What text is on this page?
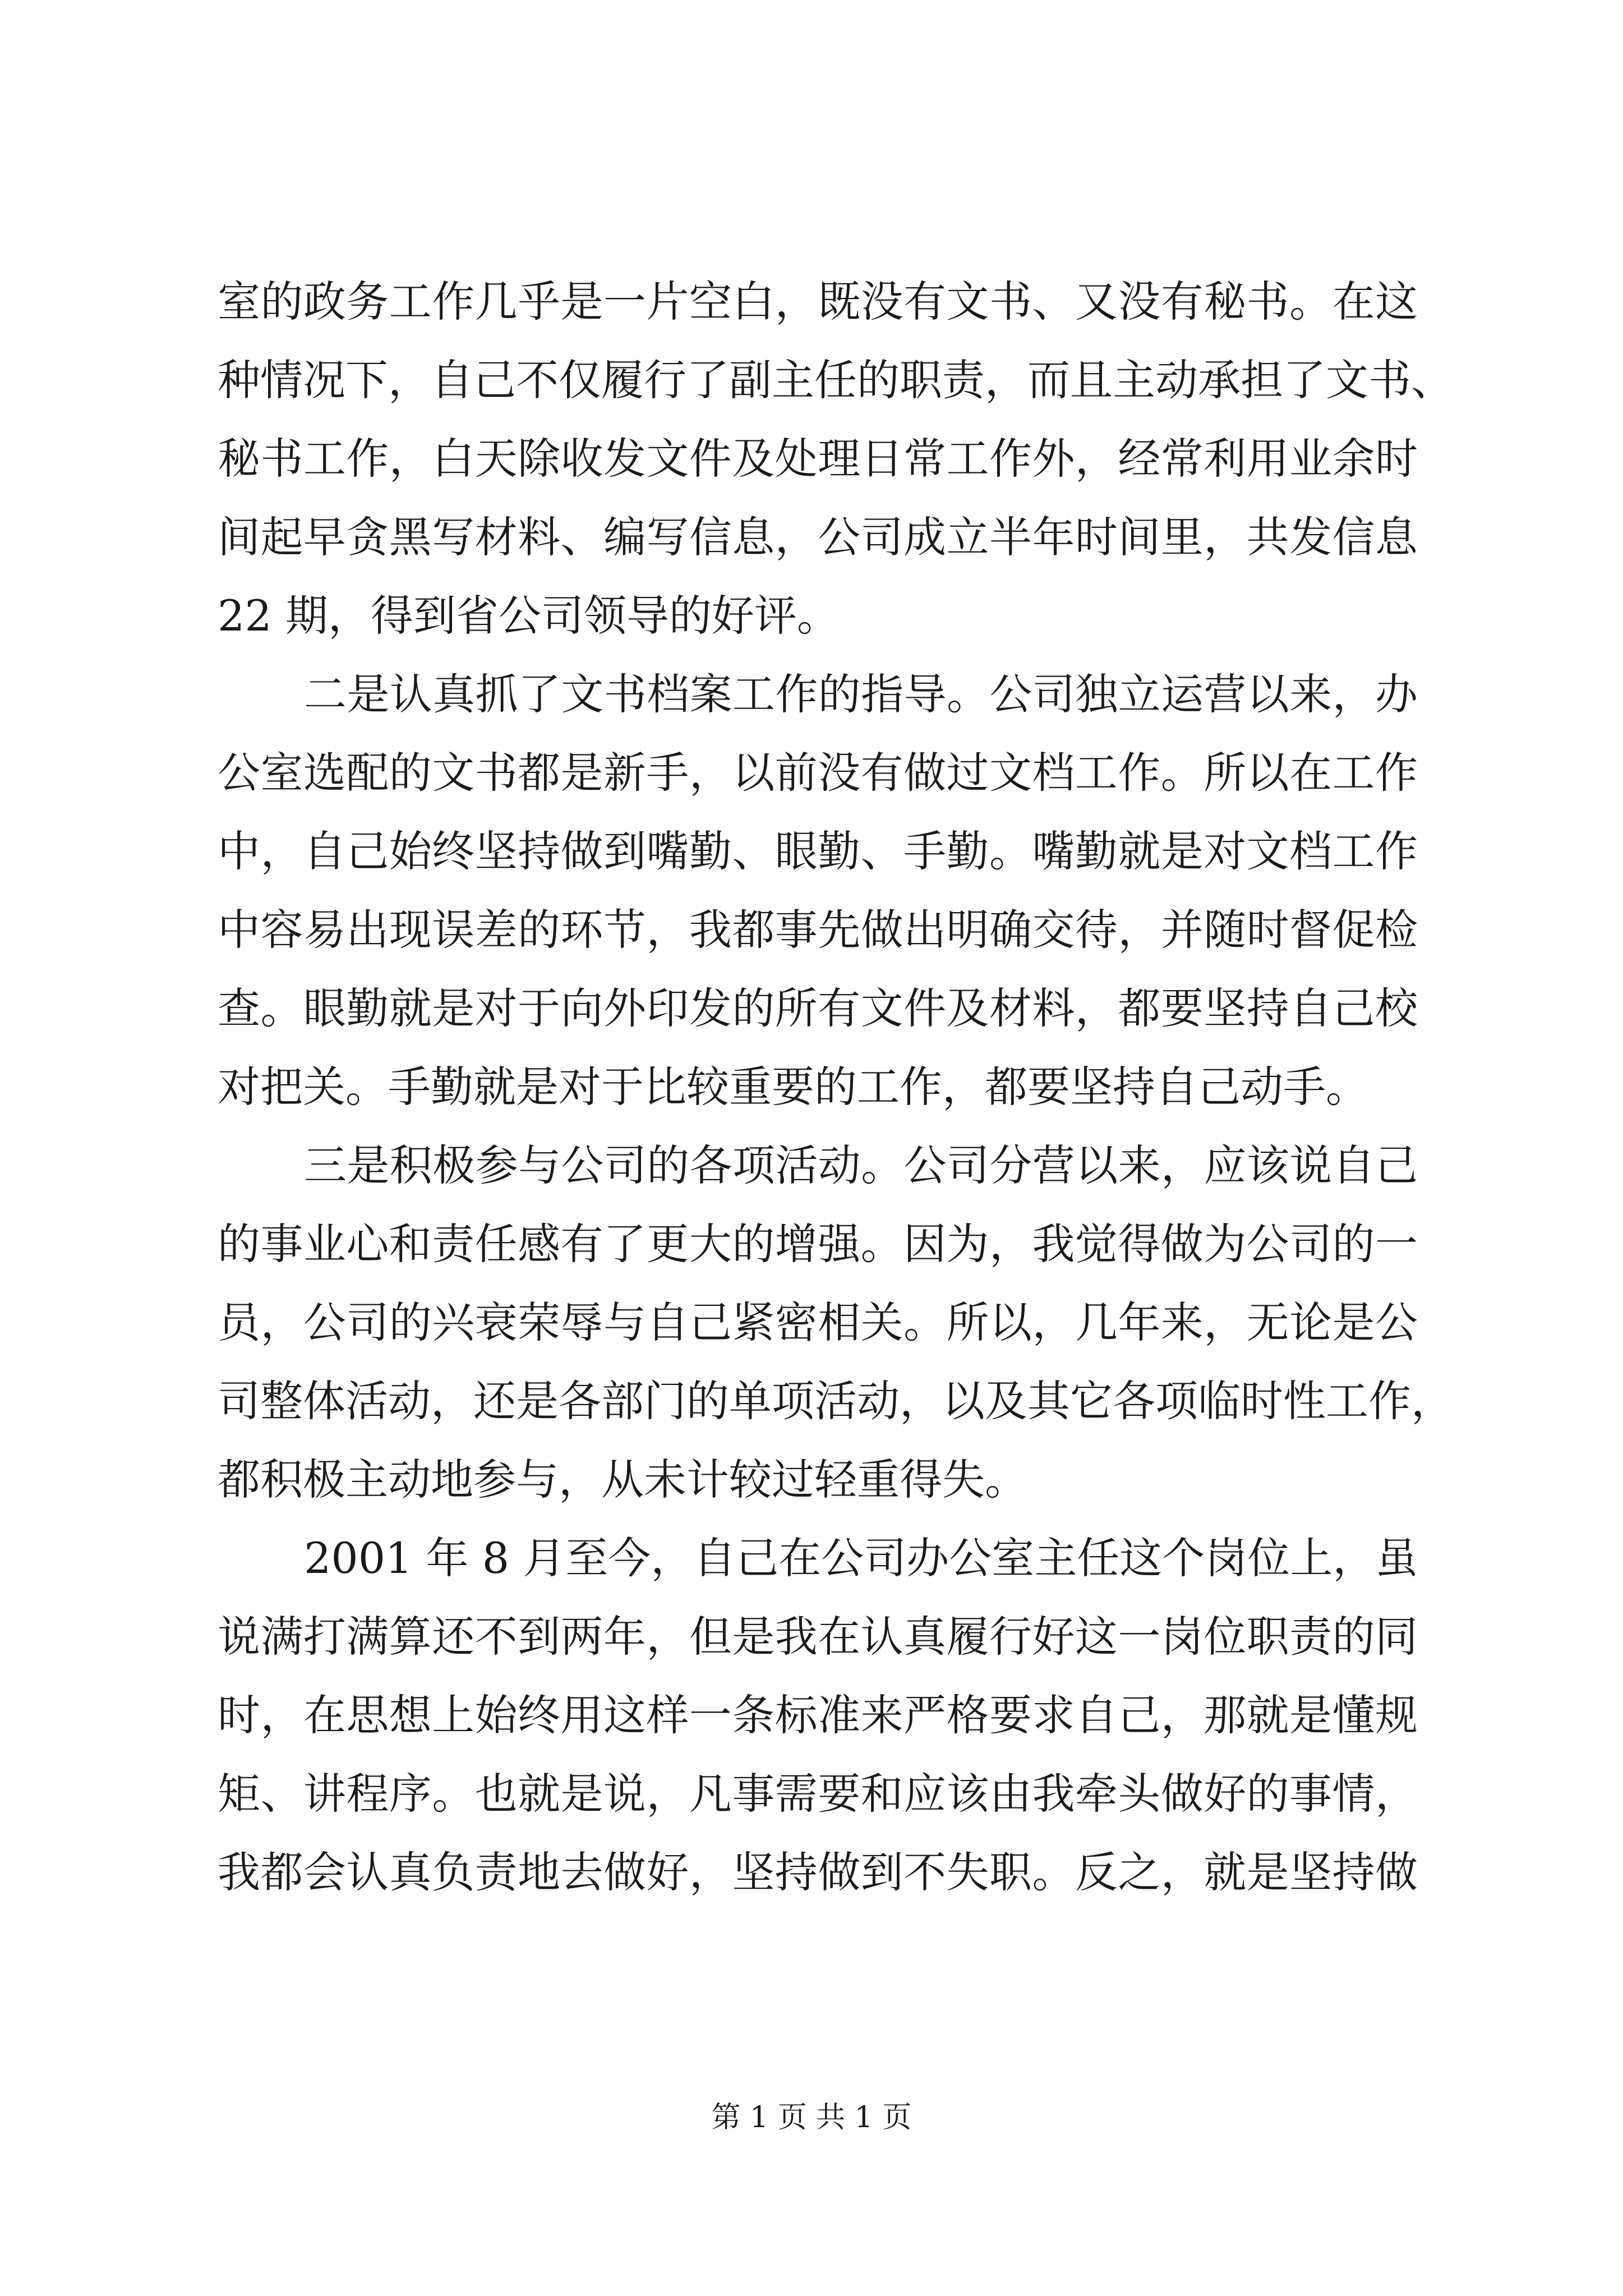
室的政务工作几乎是一片空白，既没有文书、又没有秘书。在这
种情况下，自己不仅履行了副主任的职责，而且主动承担了文书、
秘书工作，白天除收发文件及处理日常工作外，经常利用业余时
间起早贪黑写材料、编写信息，公司成立半年时间里，共发信息
22 期，得到省公司领导的好评。
二是认真抓了文书档案工作的指导。公司独立运营以来，办
公室选配的文书都是新手，以前没有做过文档工作。所以在工作
中，自己始终坚持做到嘴勤、眼勤、手勤。嘴勤就是对文档工作
中容易出现误差的环节，我都事先做出明确交待，并随时督促检
查。眼勤就是对于向外印发的所有文件及材料，都要坚持自己校
对把关。手勤就是对于比较重要的工作，都要坚持自己动手。
三是积极参与公司的各项活动。公司分营以来，应该说自己
的事业心和责任感有了更大的增强。因为，我觉得做为公司的一
员，公司的兴衰荣辱与自己紧密相关。所以，几年来，无论是公
司整体活动，还是各部门的单项活动，以及其它各项临时性工作，
都积极主动地参与，从未计较过轻重得失。
2001 年 8 月至今，自己在公司办公室主任这个岗位上，虽
说满打满算还不到两年，但是我在认真履行好这一岗位职责的同
时，在思想上始终用这样一条标准来严格要求自己，那就是懂规
矩、讲程序。也就是说，凡事需要和应该由我牵头做好的事情，
我都会认真负责地去做好，坚持做到不失职。反之，就是坚持做
第 1 页 共 1 页
